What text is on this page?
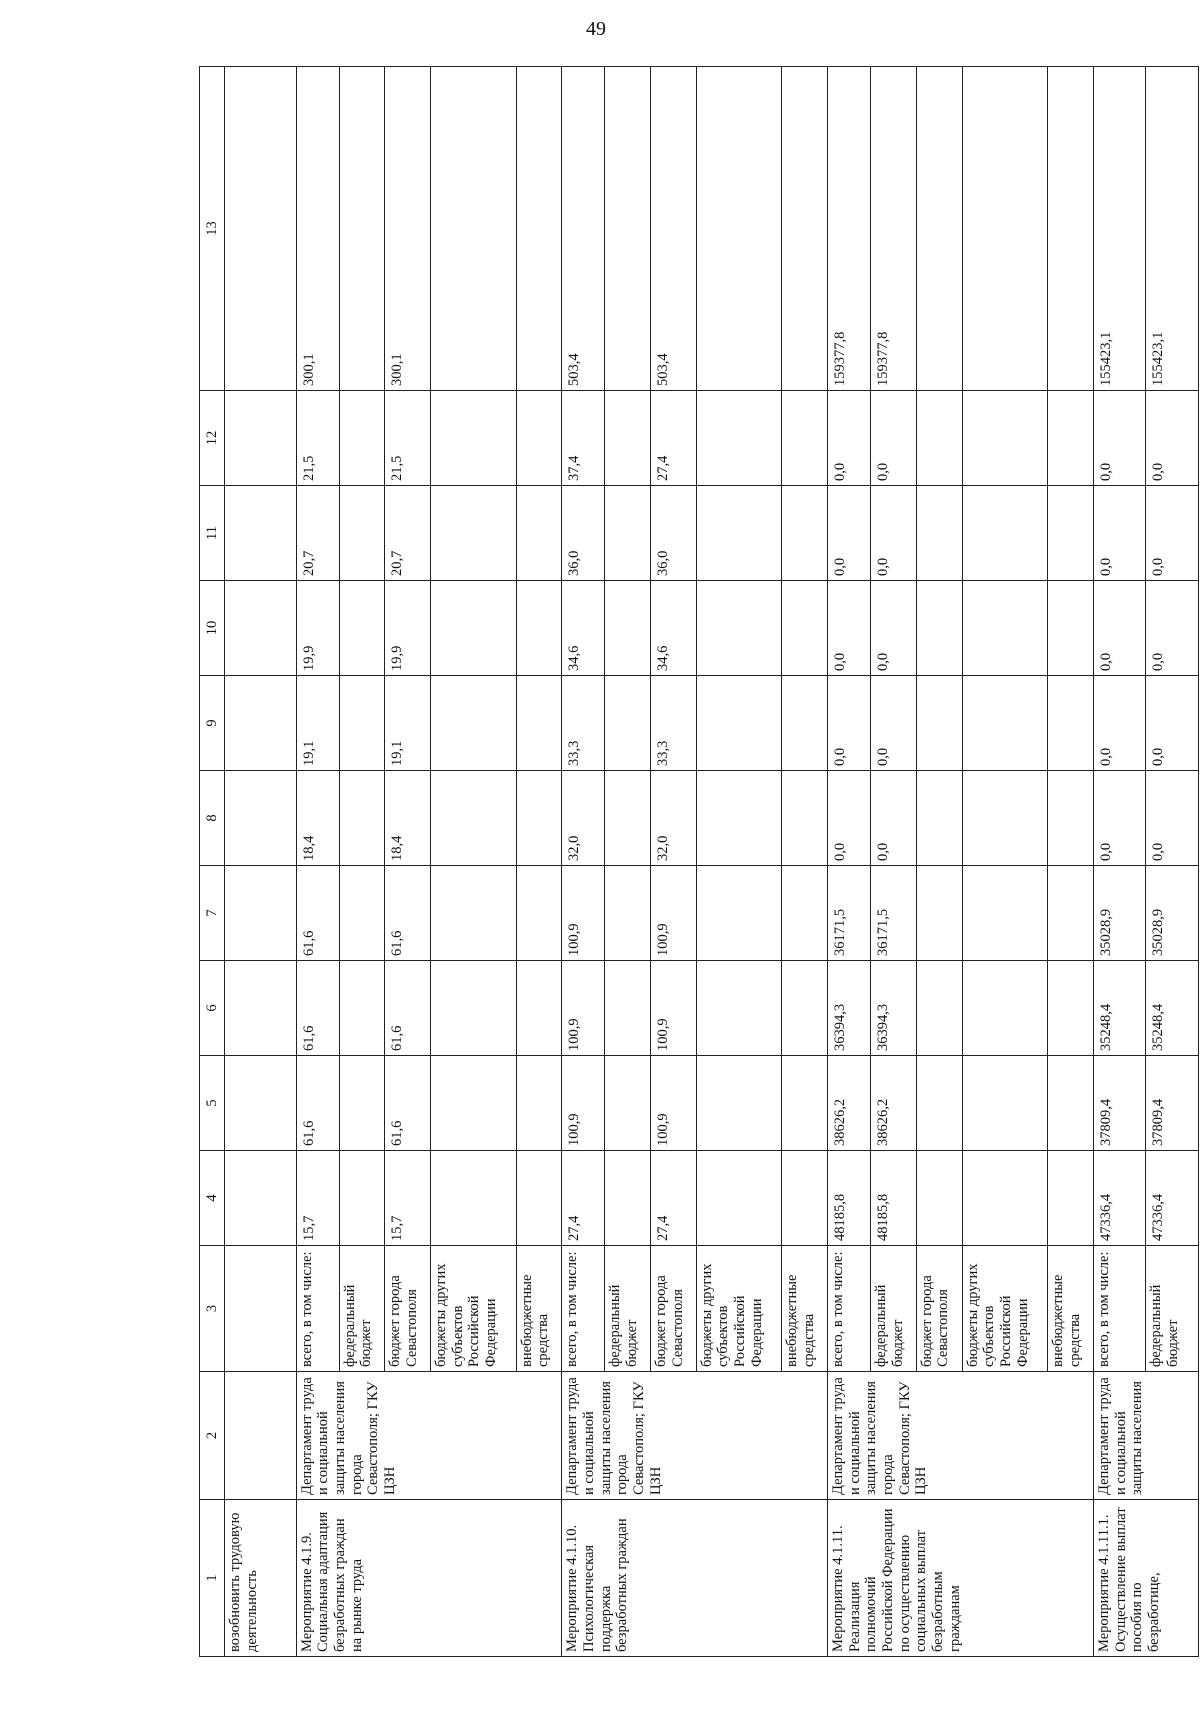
49
1	2	3	4	5	6	7	8	9	10	11	12	13
возобновить трудовую деятельность												
Мероприятие 4.1.9. Социальная адаптация безработных граждан на рынке труда	Департамент труда и социальной защиты населения города Севастополя; ГКУ ЦЗН	всего, в том числе:	15,7	61,6	61,6	61,6	18,4	19,1	19,9	20,7	21,5	300,1
		федеральный бюджет										
		бюджет города Севастополя	15,7	61,6	61,6	61,6	18,4	19,1	19,9	20,7	21,5	300,1
		бюджеты других субъектов Российской Федерации										
		внебюджетные средства										
Мероприятие 4.1.10. Психологическая поддержка безработных граждан	Департамент труда и социальной защиты населения города Севастополя; ГКУ ЦЗН	всего, в том числе:	27,4	100,9	100,9	100,9	32,0	33,3	34,6	36,0	37,4	503,4
		федеральный бюджет										
		бюджет города Севастополя	27,4	100,9	100,9	100,9	32,0	33,3	34,6	36,0	27,4	503,4
		бюджеты других субъектов Российской Федерации										
		внебюджетные средства										
Мероприятие 4.1.11. Реализация полномочий Российской Федерации по осуществлению социальных выплат безработным гражданам	Департамент труда и социальной защиты населения города Севастополя; ГКУ ЦЗН	всего, в том числе:	48185,8	38626,2	36394,3	36171,5	0,0	0,0	0,0	0,0	0,0	159377,8
		федеральный бюджет	48185,8	38626,2	36394,3	36171,5	0,0	0,0	0,0	0,0	0,0	159377,8
		бюджет города Севастополя										
		бюджеты других субъектов Российской Федерации										
		внебюджетные средства										
Мероприятие 4.1.11.1. Осуществление выплат пособия по безработице,	Департамент труда и социальной защиты населения	всего, в том числе:	47336,4	37809,4	35248,4	35028,9	0,0	0,0	0,0	0,0	0,0	155423,1
		федеральный бюджет	47336,4	37809,4	35248,4	35028,9	0,0	0,0	0,0	0,0	0,0	155423,1
